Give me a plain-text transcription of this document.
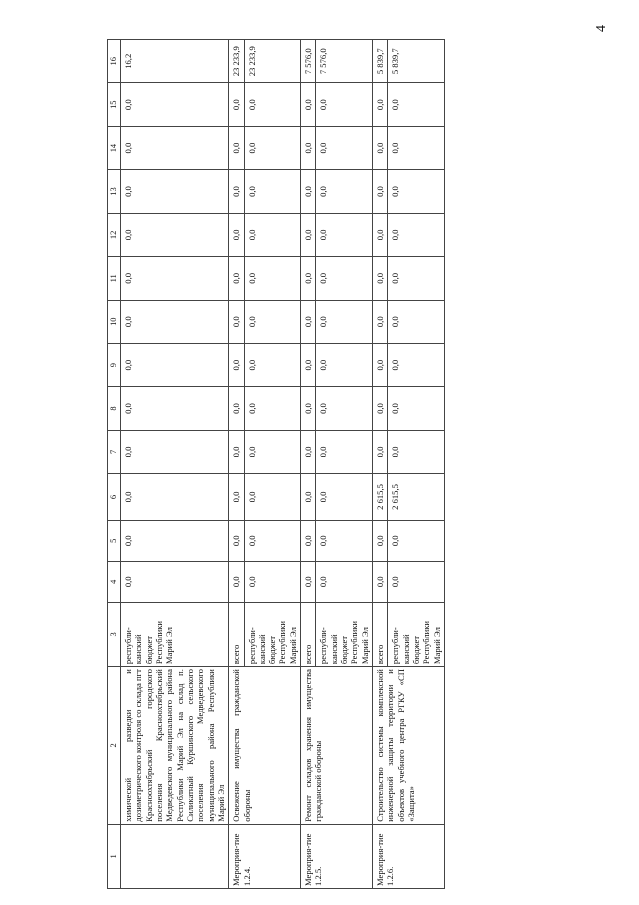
4
1	2	3	4	5	6	7	8	9	10	11	12	13	14	15	16
	химической разведки и дозиметрического контроля со склада пгт Красноохтябрьский городского поселения Красноохтябрьский Медведевского муниципального района Республики Марий Эл на склад п. Силикатный Куршинского сельского поселения Медведевского муниципального района Республики Марий Эл	республи-канский бюджет Республики Марий Эл	0,0	0,0	0,0	0,0	0,0	0,0	0,0	0,0	0,0	0,0	0,0	0,0	16,2
Мероприя-тие 1.2.4.	Освежение имущества гражданской обороны	всего	0,0	0,0	0,0	0,0	0,0	0,0	0,0	0,0	0,0	0,0	0,0	0,0	23 233,9
		республи-канский бюджет Республики Марий Эл	0,0	0,0	0,0	0,0	0,0	0,0	0,0	0,0	0,0	0,0	0,0	0,0	23 233,9
Мероприя-тие 1.2.5.	Ремонт складов хранения имущества гражданской обороны	всего	0,0	0,0	0,0	0,0	0,0	0,0	0,0	0,0	0,0	0,0	0,0	0,0	7 576,0
		республи-канский бюджет Республики Марий Эл	0,0	0,0	0,0	0,0	0,0	0,0	0,0	0,0	0,0	0,0	0,0	0,0	7 576,0
Мероприя-тие 1.2.6.	Строительство системы комплексной инженерной защиты территории и объектов учебного центра РГКУ «СП «Защита»	всего	0,0	0,0	2 615,5	0,0	0,0	0,0	0,0	0,0	0,0	0,0	0,0	0,0	5 839,7
		республи-канский бюджет Республики Марий Эл	0,0	0,0	2 615,5	0,0	0,0	0,0	0,0	0,0	0,0	0,0	0,0	0,0	5 839,7
